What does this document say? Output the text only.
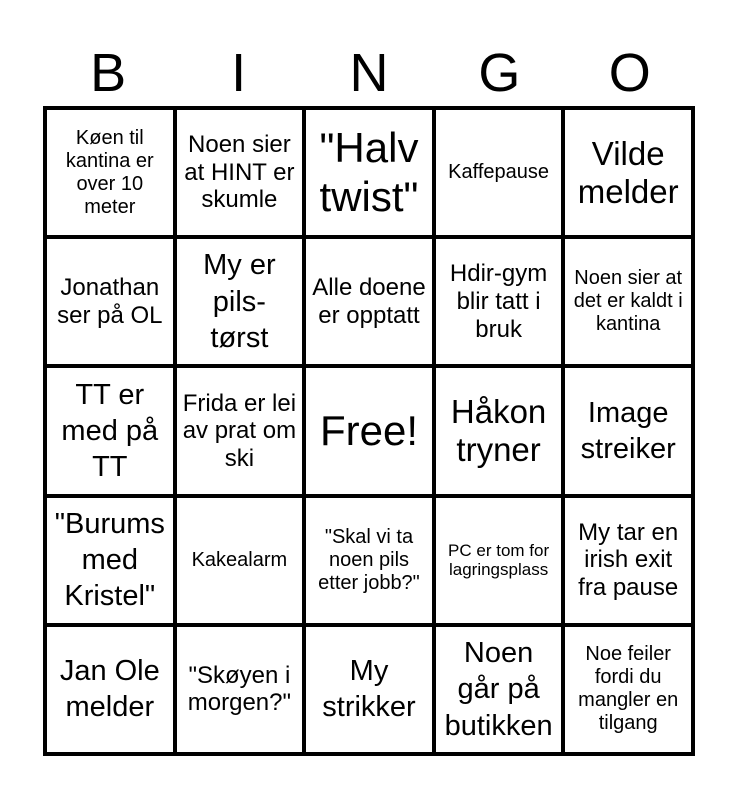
B	I	N	G	O
Køen til kantina er over 10 meter
Noen sier at HINT er skumle
"Halv twist"
Kaffepause
Vilde melder
Jonathan ser på OL
My er pils-tørst
Alle doene er opptatt
Hdir-gym blir tatt i bruk
Noen sier at det er kaldt i kantina
TT er med på TT
Frida er lei av prat om ski
Free! Håkon tryner
Image streiker
"Burums med Kristel"
Kakealarm
"Skal vi ta noen pils etter jobb?"
PC er tom for lagringsplass
My tar en irish exit fra pause
Jan Ole melder
"Skøyen i morgen?"
My strikker
Noen går på butikken
Noe feiler fordi du mangler en tilgang
